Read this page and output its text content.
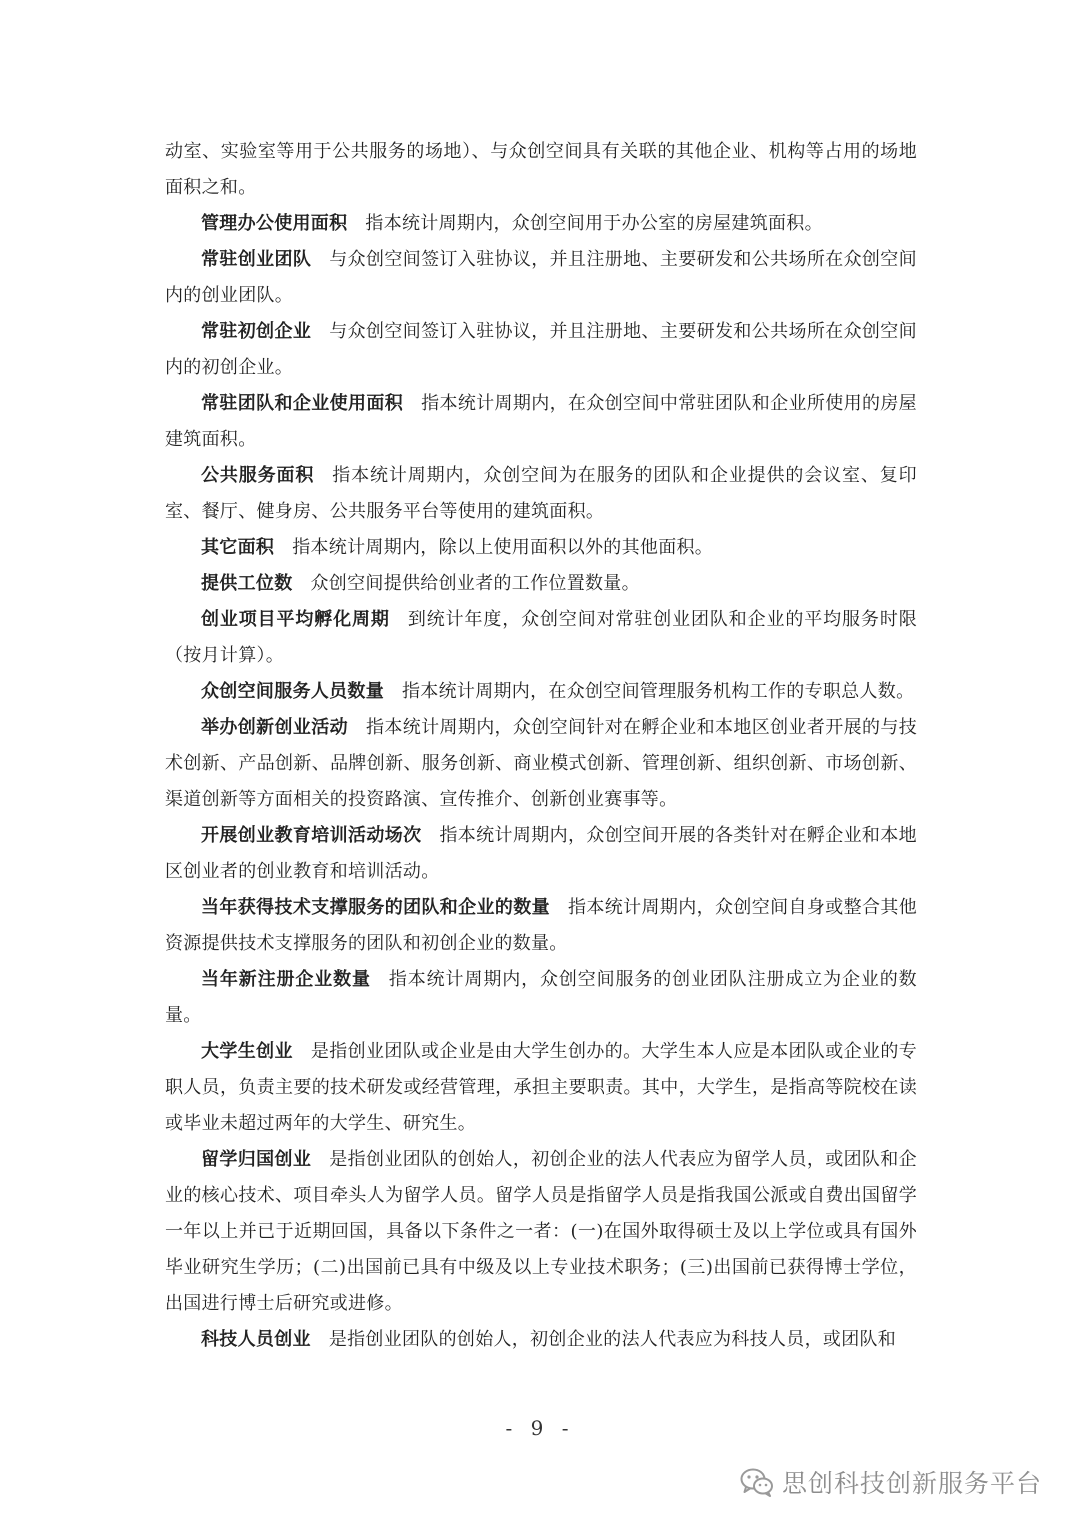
动室、实验室等用于公共服务的场地）、与众创空间具有关联的其他企业、机构等占用的场地面积之和。

管理办公使用面积 指本统计周期内，众创空间用于办公室的房屋建筑面积。

常驻创业团队 与众创空间签订入驻协议，并且注册地、主要研发和公共场所在众创空间内的创业团队。

常驻初创企业 与众创空间签订入驻协议，并且注册地、主要研发和公共场所在众创空间内的初创企业。

常驻团队和企业使用面积 指本统计周期内，在众创空间中常驻团队和企业所使用的房屋建筑面积。

公共服务面积 指本统计周期内，众创空间为在服务的团队和企业提供的会议室、复印室、餐厅、健身房、公共服务平台等使用的建筑面积。

其它面积 指本统计周期内，除以上使用面积以外的其他面积。

提供工位数 众创空间提供给创业者的工作位置数量。

创业项目平均孵化周期 到统计年度，众创空间对常驻创业团队和企业的平均服务时限（按月计算）。

众创空间服务人员数量 指本统计周期内，在众创空间管理服务机构工作的专职总人数。

举办创新创业活动 指本统计周期内，众创空间针对在孵企业和本地区创业者开展的与技术创新、产品创新、品牌创新、服务创新、商业模式创新、管理创新、组织创新、市场创新、渠道创新等方面相关的投资路演、宣传推介、创新创业赛事等。

开展创业教育培训活动场次 指本统计周期内，众创空间开展的各类针对在孵企业和本地区创业者的创业教育和培训活动。

当年获得技术支撑服务的团队和企业的数量 指本统计周期内，众创空间自身或整合其他资源提供技术支撑服务的团队和初创企业的数量。

当年新注册企业数量 指本统计周期内，众创空间服务的创业团队注册成立为企业的数量。

大学生创业 是指创业团队或企业是由大学生创办的。大学生本人应是本团队或企业的专职人员，负责主要的技术研发或经营管理，承担主要职责。其中，大学生，是指高等院校在读或毕业未超过两年的大学生、研究生。

留学归国创业 是指创业团队的创始人，初创企业的法人代表应为留学人员，或团队和企业的核心技术、项目牵头人为留学人员。留学人员是指留学人员是指我国公派或自费出国留学一年以上并已于近期回国，具备以下条件之一者：(一)在国外取得硕士及以上学位或具有国外毕业研究生学历；(二)出国前已具有中级及以上专业技术职务；(三)出国前已获得博士学位，出国进行博士后研究或进修。

科技人员创业 是指创业团队的创始人，初创企业的法人代表应为科技人员，或团队和

- 9 -
思创科技创新服务平台
